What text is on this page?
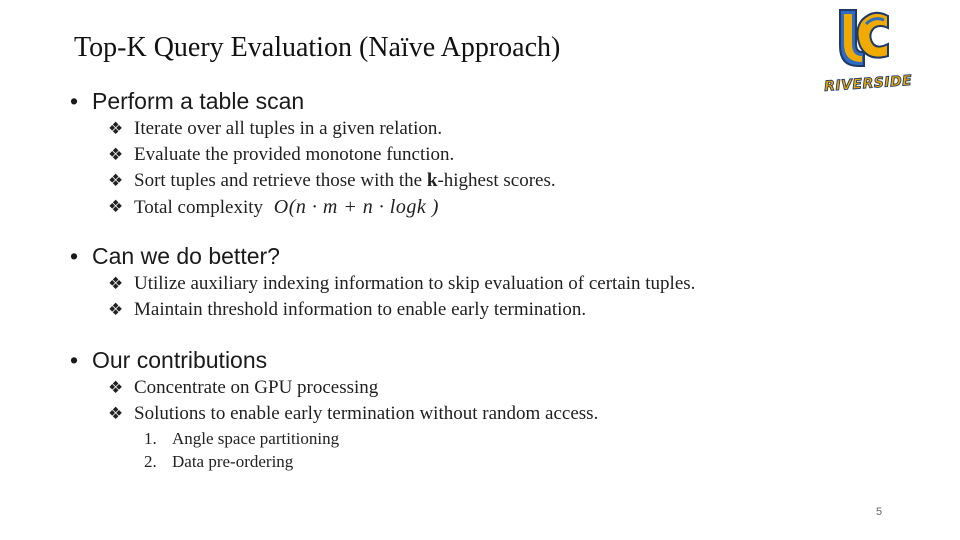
Top-K Query Evaluation (Naïve Approach)
RIVERSIDE
• Perform a table scan
❖ Iterate over all tuples in a given relation.
❖ Evaluate the provided monotone function.
❖ Sort tuples and retrieve those with the k-highest scores.
❖ Total complexity O(n · m + n · logk )
• Can we do better?
❖ Utilize auxiliary indexing information to skip evaluation of certain tuples.
❖ Maintain threshold information to enable early termination.
• Our contributions
❖ Concentrate on GPU processing
❖ Solutions to enable early termination without random access.
1. Angle space partitioning
2. Data pre-ordering
5
